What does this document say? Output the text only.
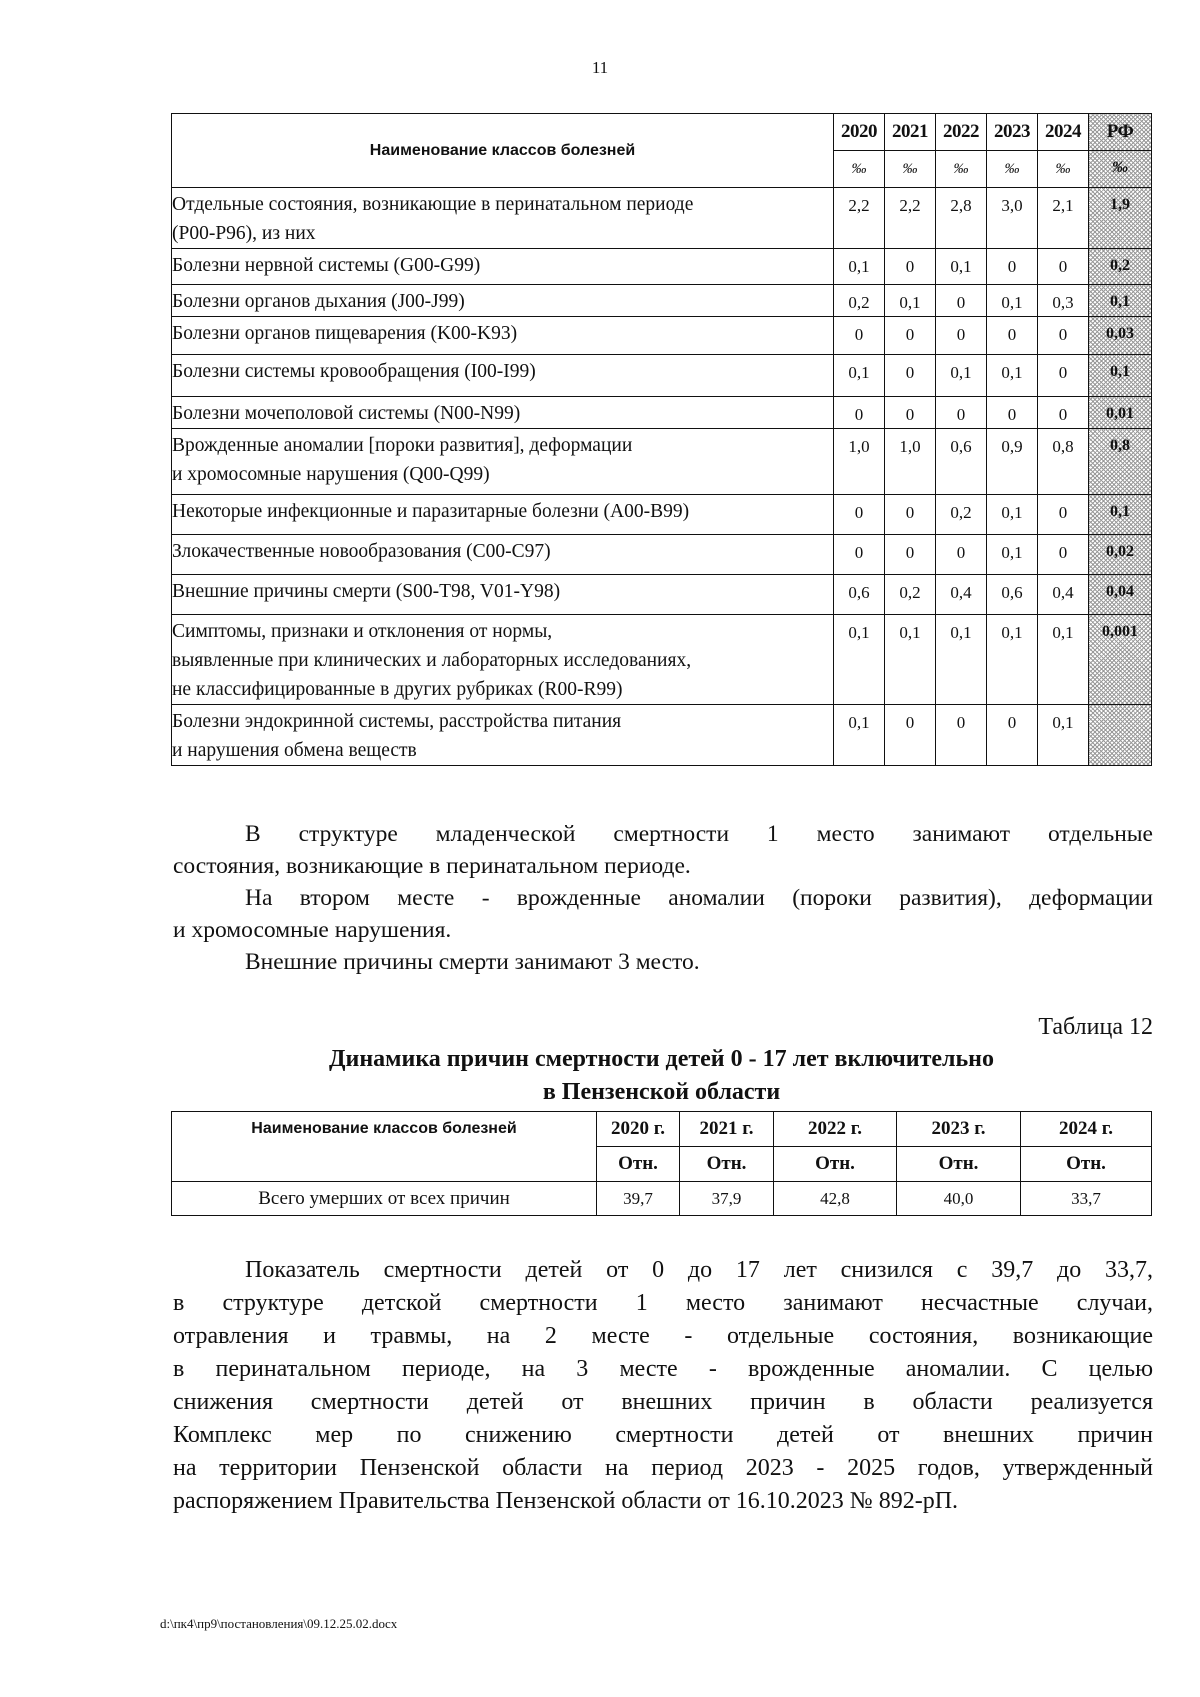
11
Наименование классов болезней	2020	2021	2022	2023	2024	РФ
	‰	‰	‰	‰	‰	‰
Отдельные состояния, возникающие в перинатальном периоде
(P00-P96), из них	2,2	2,2	2,8	3,0	2,1	1,9
Болезни нервной системы (G00-G99)	0,1	0	0,1	0	0	0,2
Болезни органов дыхания (J00-J99)	0,2	0,1	0	0,1	0,3	0,1
Болезни органов пищеварения (K00-K93)	0	0	0	0	0	0,03
Болезни системы кровообращения (I00-I99)	0,1	0	0,1	0,1	0	0,1
Болезни мочеполовой системы (N00-N99)	0	0	0	0	0	0,01
Врожденные аномалии [пороки развития], деформации
и хромосомные нарушения (Q00-Q99)	1,0	1,0	0,6	0,9	0,8	0,8
Некоторые инфекционные и паразитарные болезни (A00-B99)	0	0	0,2	0,1	0	0,1
Злокачественные новообразования (C00-C97)	0	0	0	0,1	0	0,02
Внешние причины смерти (S00-T98, V01-Y98)	0,6	0,2	0,4	0,6	0,4	0,04
Симптомы, признаки и отклонения от нормы,
выявленные при клинических и лабораторных исследованиях,
не классифицированные в других рубриках (R00-R99)	0,1	0,1	0,1	0,1	0,1	0,001
Болезни эндокринной системы, расстройства питания
и нарушения обмена веществ	0,1	0	0	0	0,1	
В структуре младенческой смертности 1 место занимают отдельные
состояния, возникающие в перинатальном периоде.
На втором месте - врожденные аномалии (пороки развития), деформации
и хромосомные нарушения.
Внешние причины смерти занимают 3 место.
Таблица 12
Динамика причин смертности детей 0 - 17 лет включительно
в Пензенской области
Наименование классов болезней	2020 г.	2021 г.	2022 г.	2023 г.	2024 г.
	Отн.	Отн.	Отн.	Отн.	Отн.
Всего умерших от всех причин	39,7	37,9	42,8	40,0	33,7
Показатель смертности детей от 0 до 17 лет снизился с 39,7 до 33,7,
в структуре детской смертности 1 место занимают несчастные случаи,
отравления и травмы, на 2 месте - отдельные состояния, возникающие
в перинатальном периоде, на 3 месте - врожденные аномалии. С целью
снижения смертности детей от внешних причин в области реализуется
Комплекс мер по снижению смертности детей от внешних причин
на территории Пензенской области на период 2023 - 2025 годов, утвержденный
распоряжением Правительства Пензенской области от 16.10.2023 № 892-рП.
d:\пк4\пр9\постановления\09.12.25.02.docx
